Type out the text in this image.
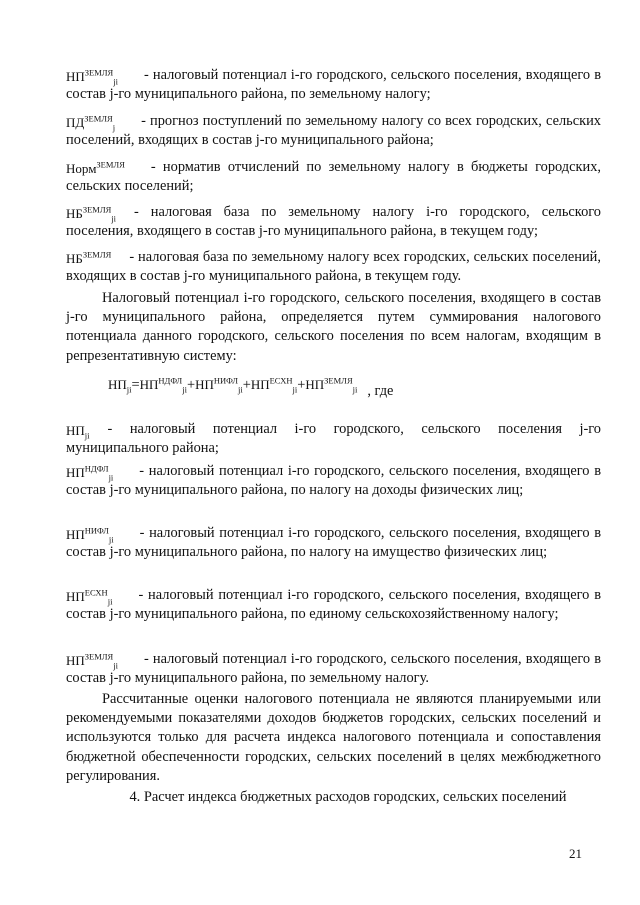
$НП^{ЗЕМЛЯ}_{ji}$ - налоговый потенциал i-го городского, сельского поселения, входящего в состав j-го муниципального района, по земельному налогу;

$ПД^{ЗЕМЛЯ}_j$ - прогноз поступлений по земельному налогу со всех городских, сельских поселений, входящих в состав j-го муниципального района;

Норм$^{ЗЕМЛЯ}$ - норматив отчислений по земельному налогу в бюджеты городских, сельских поселений;

$НБ^{ЗЕМЛЯ}_{ji}$ - налоговая база по земельному налогу i-го городского, сельского поселения, входящего в состав j-го муниципального района, в текущем году;

$НБ^{ЗЕМЛЯ}$ - налоговая база по земельному налогу всех городских, сельских поселений, входящих в состав j-го муниципального района, в текущем году.

Налоговый потенциал i-го городского, сельского поселения, входящего в состав j-го муниципального района, определяется путем суммирования налогового потенциала данного городского, сельского поселения по всем налогам, входящим в репрезентативную систему:

$НП_{ji}=НП^{НДФЛ}_{ji}+НП^{НИФЛ}_{ji}+НП^{ЕСХН}_{ji}+НП^{ЗЕМЛЯ}_{ji}$ , где

$НП_{ji}$ - налоговый потенциал i-го городского, сельского поселения j-го муниципального района;

$НП^{НДФЛ}_{ji}$ - налоговый потенциал i-го городского, сельского поселения, входящего в состав j-го муниципального района, по налогу на доходы физических лиц;

$НП^{НИФЛ}_{ji}$ - налоговый потенциал i-го городского, сельского поселения, входящего в состав j-го муниципального района, по налогу на имущество физических лиц;

$НП^{ЕСХН}_{ji}$ - налоговый потенциал i-го городского, сельского поселения, входящего в состав j-го муниципального района, по единому сельскохозяйственному налогу;

$НП^{ЗЕМЛЯ}_{ji}$ - налоговый потенциал i-го городского, сельского поселения, входящего в состав j-го муниципального района, по земельному налогу.

Рассчитанные оценки налогового потенциала не являются планируемыми или рекомендуемыми показателями доходов бюджетов городских, сельских поселений и используются только для расчета индекса налогового потенциала и сопоставления бюджетной обеспеченности городских, сельских поселений в целях межбюджетного регулирования.

4. Расчет индекса бюджетных расходов городских, сельских поселений
21
